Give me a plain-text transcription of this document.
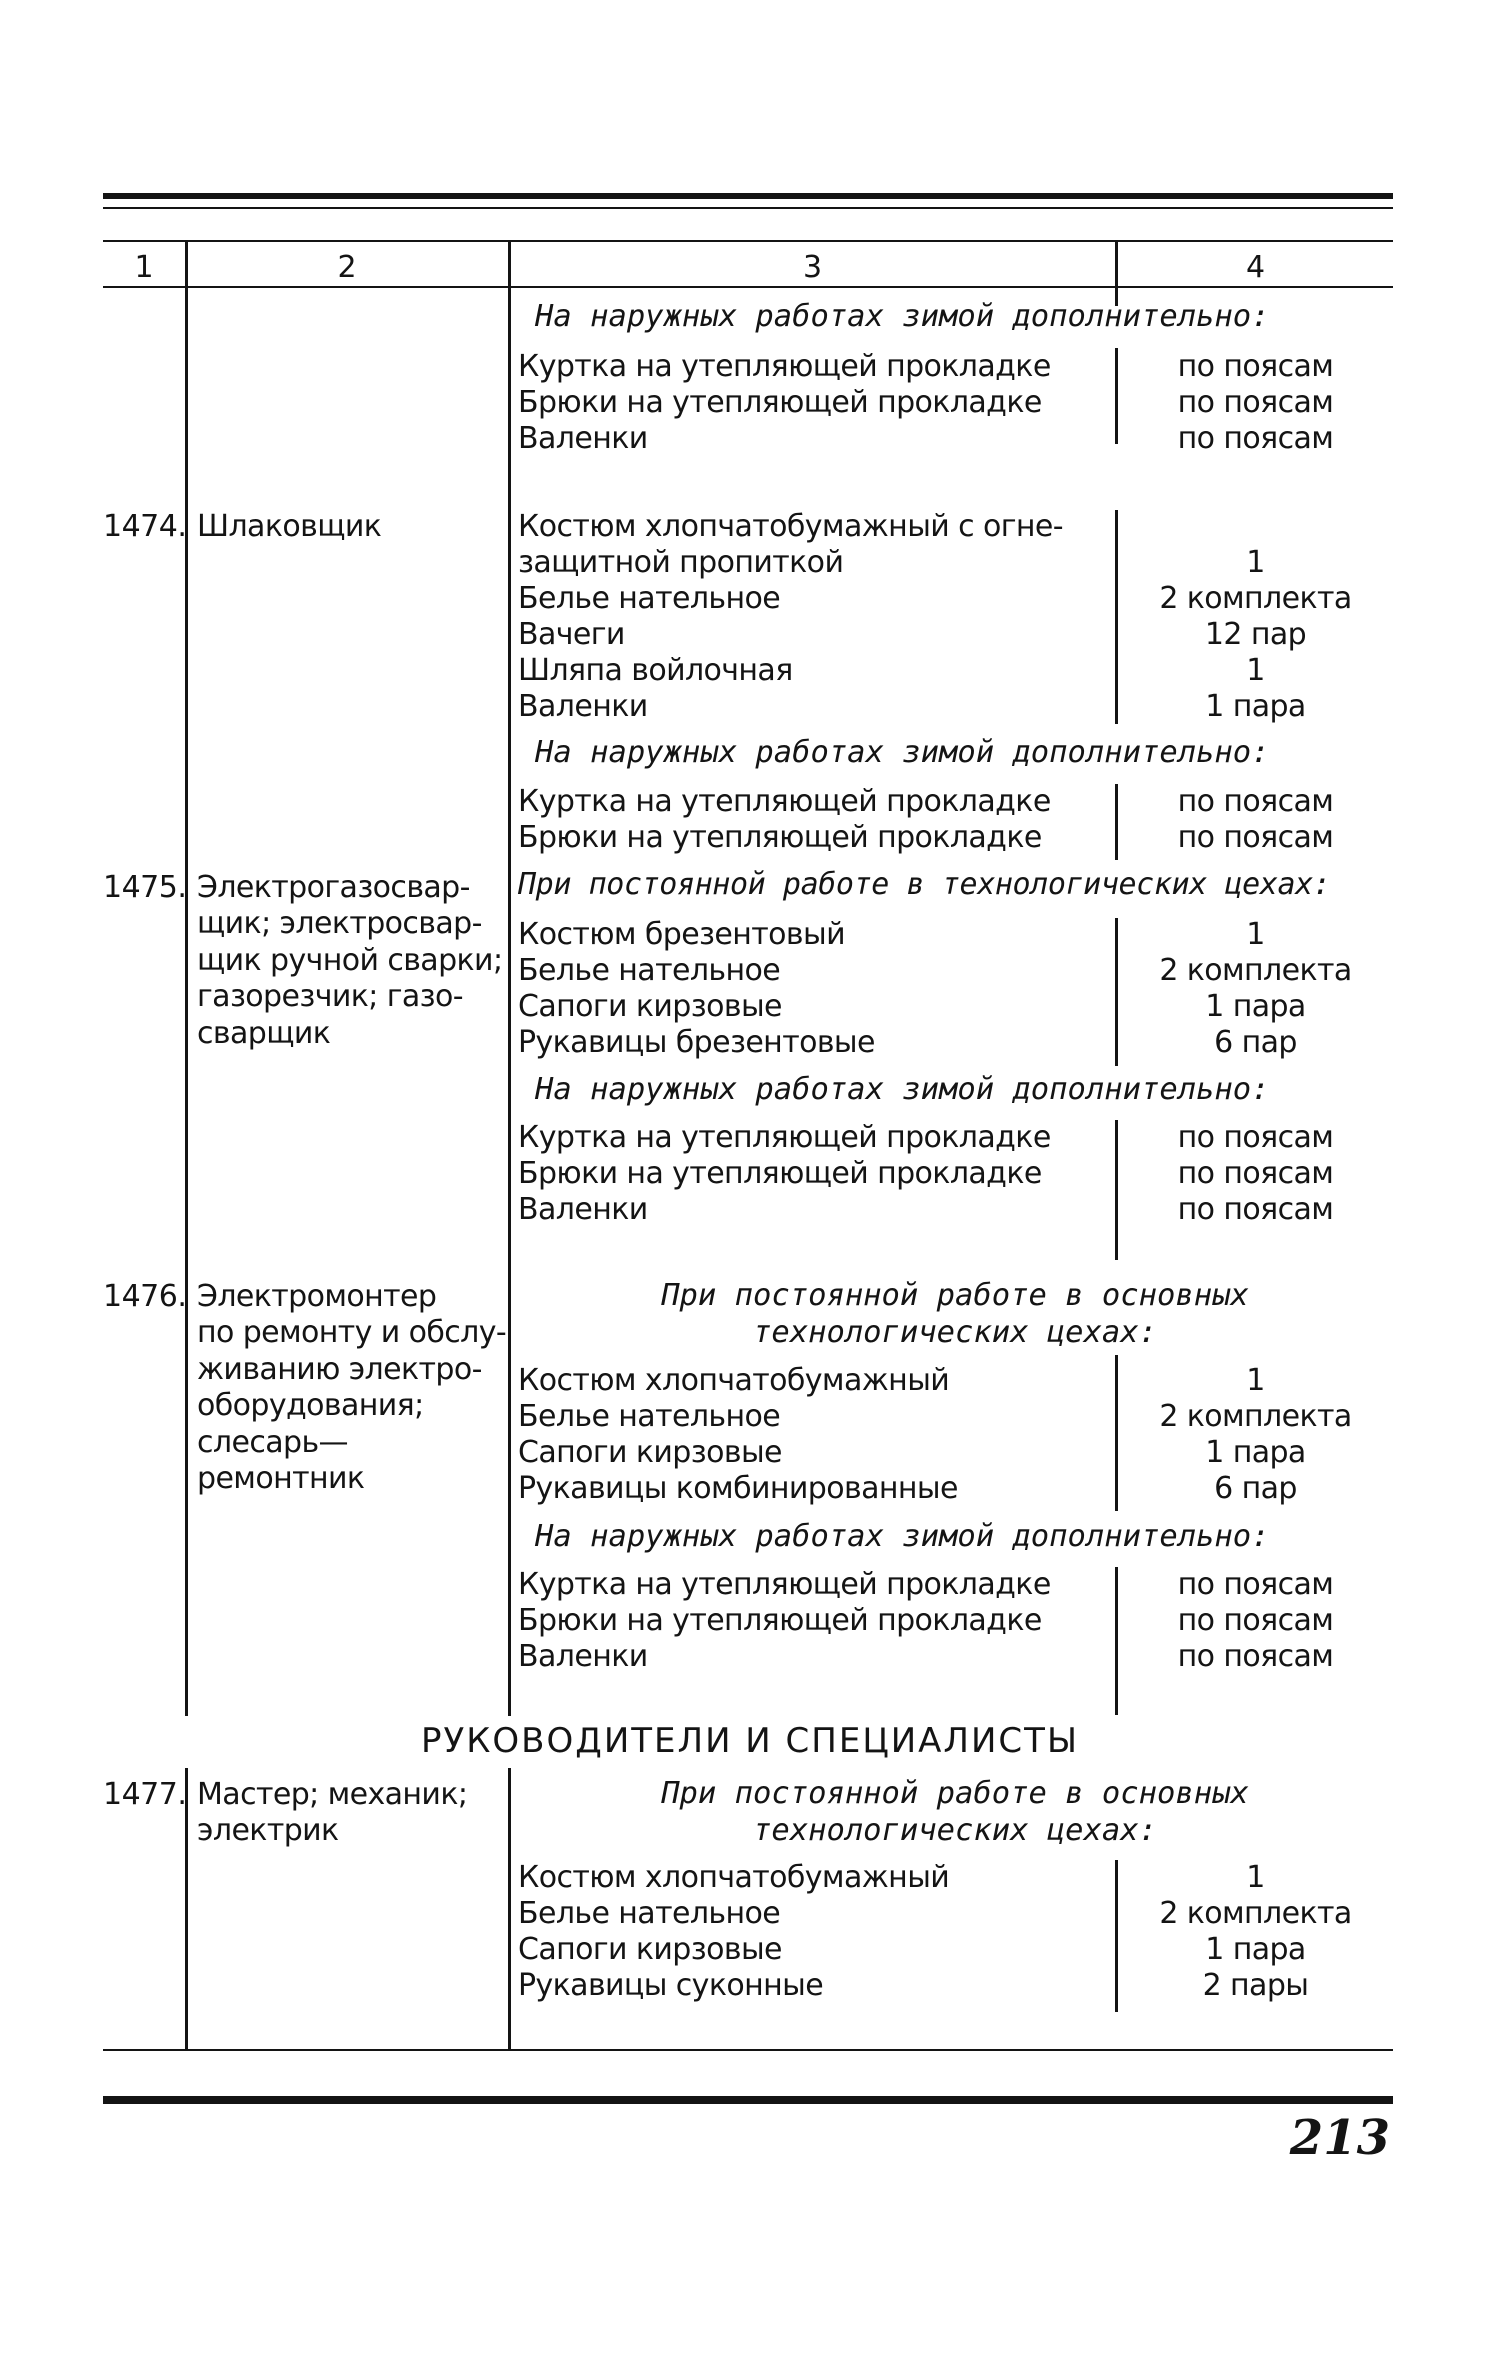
1	2	3	4
На наружных работах зимой дополнительно:
Куртка на утепляющей прокладке	по поясам
Брюки на утепляющей прокладке	по поясам
Валенки	по поясам
1474. Шлаковщик	Костюм хлопчатобумажный с огне-
защитной пропиткой	1
Белье нательное	2 комплекта
Вачеги	12 пар
Шляпа войлочная	1
Валенки	1 пара
На наружных работах зимой дополнительно:
Куртка на утепляющей прокладке	по поясам
Брюки на утепляющей прокладке	по поясам
1475. Электрогазосвар-
щик; электросвар-
щик ручной сварки;
газорезчик; газо-
сварщик
При постоянной работе в технологических цехах:
Костюм брезентовый	1
Белье нательное	2 комплекта
Сапоги кирзовые	1 пара
Рукавицы брезентовые	6 пар
На наружных работах зимой дополнительно:
Куртка на утепляющей прокладке	по поясам
Брюки на утепляющей прокладке	по поясам
Валенки	по поясам
1476. Электромонтер
по ремонту и обслу-
живанию электро-
оборудования;
слесарь—ремонтник
При постоянной работе в основных
технологических цехах:
Костюм хлопчатобумажный	1
Белье нательное	2 комплекта
Сапоги кирзовые	1 пара
Рукавицы комбинированные	6 пар
На наружных работах зимой дополнительно:
Куртка на утепляющей прокладке	по поясам
Брюки на утепляющей прокладке	по поясам
Валенки	по поясам
РУКОВОДИТЕЛИ И СПЕЦИАЛИСТЫ
1477. Мастер; механик;
электрик
При постоянной работе в основных
технологических цехах:
Костюм хлопчатобумажный	1
Белье нательное	2 комплекта
Сапоги кирзовые	1 пара
Рукавицы суконные	2 пары
213
